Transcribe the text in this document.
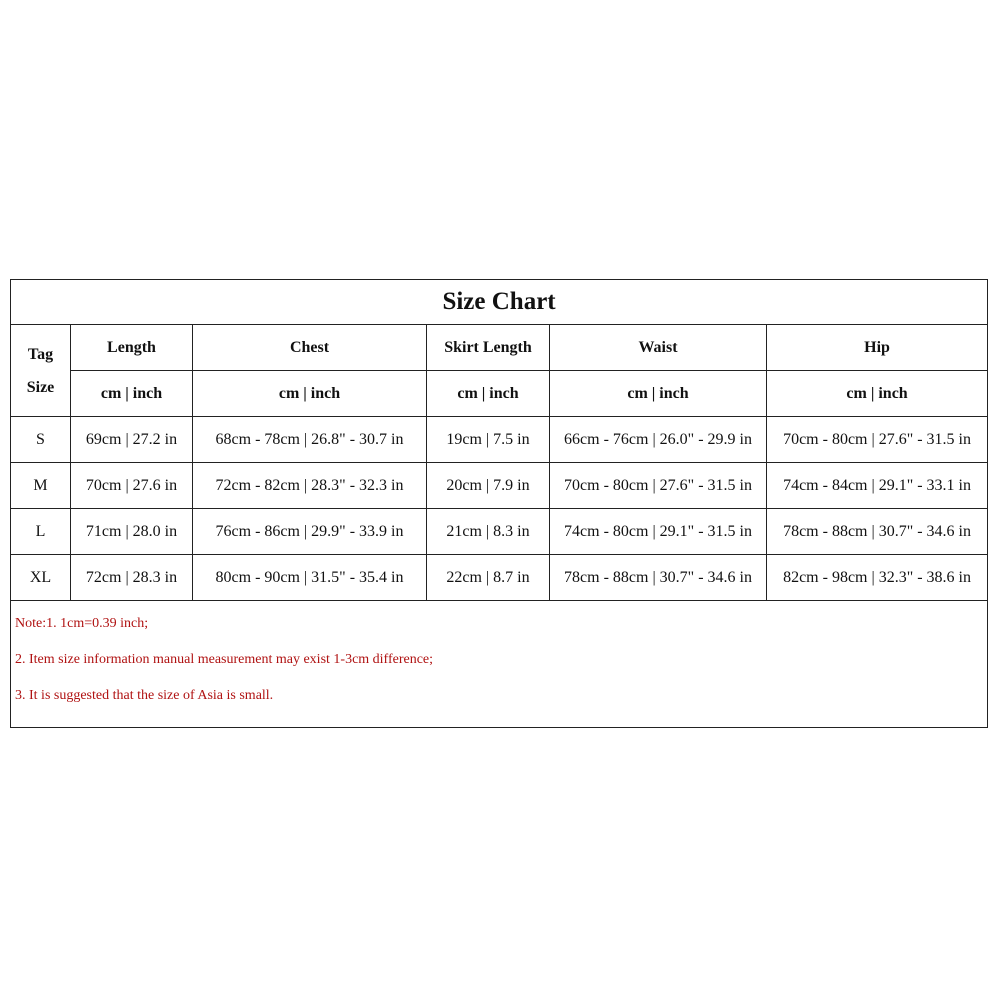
Size Chart					

Tag
Size	Length	Chest	Skirt Length	Waist	Hip
	cm | inch	cm | inch	cm | inch	cm | inch	cm | inch
S	69cm | 27.2 in	68cm - 78cm | 26.8" - 30.7 in	19cm | 7.5 in	66cm - 76cm | 26.0" - 29.9 in	70cm - 80cm | 27.6" - 31.5 in
M	70cm | 27.6 in	72cm - 82cm | 28.3" - 32.3 in	20cm | 7.9 in	70cm - 80cm | 27.6" - 31.5 in	74cm - 84cm | 29.1" - 33.1 in
L	71cm | 28.0 in	76cm - 86cm | 29.9" - 33.9 in	21cm | 8.3 in	74cm - 80cm | 29.1" - 31.5 in	78cm - 88cm | 30.7" - 34.6 in
XL	72cm | 28.3 in	80cm - 90cm | 31.5" - 35.4 in	22cm | 8.7 in	78cm - 88cm | 30.7" - 34.6 in	82cm - 98cm | 32.3" - 38.6 in

Note:1. 1cm=0.39 inch;
2. Item size information manual measurement may exist 1-3cm difference;
3. It is suggested that the size of Asia is small.					
